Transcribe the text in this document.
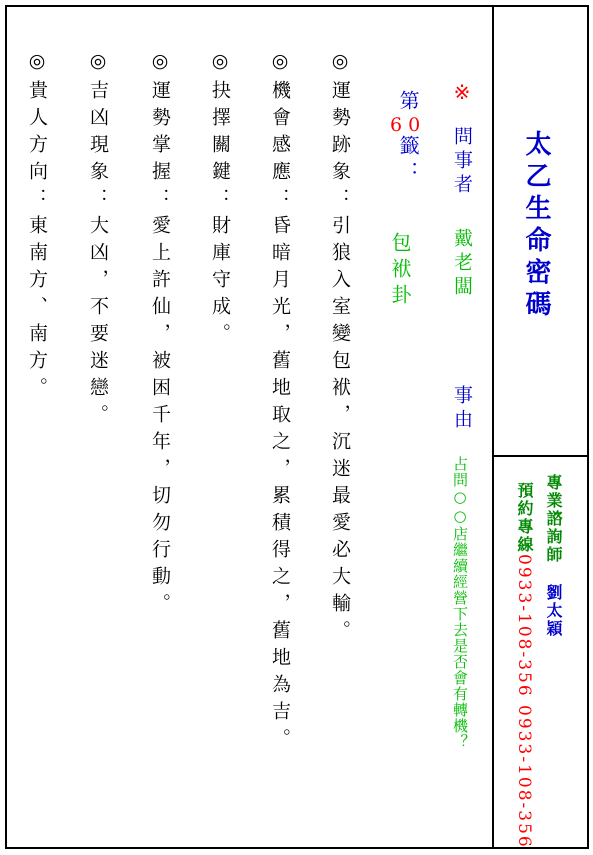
太乙生命密碼
※
問事者
戴老闆
事由
占問○○店繼續經營下去是否會有轉機？
第60籤：
包袱卦
專業諮詢師劉太穎
預約專線0933-108-356 0933-108-356
◎運勢跡象：引狼入室變包袱，沉迷最愛必大輸。
◎機會感應：昏暗月光，舊地取之，累積得之，舊地為吉。
◎抉擇關鍵：財庫守成。
◎運勢掌握：愛上許仙，被困千年，切勿行動。
◎吉凶現象：大凶，不要迷戀。
◎貴人方向：東南方、南方。
